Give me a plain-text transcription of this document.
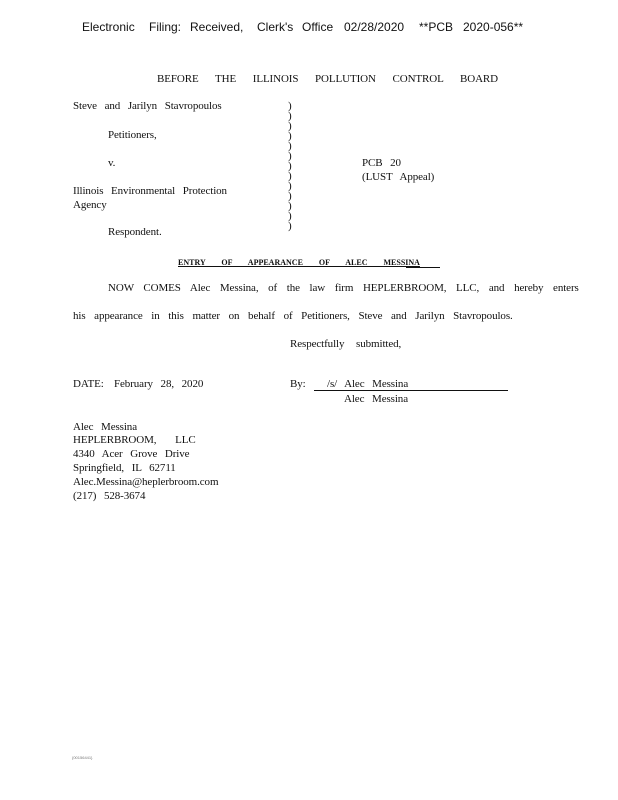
Electronic Filing: Received, Clerk's Office 02/28/2020 **PCB 2020-056**
BEFORE THE ILLINOIS POLLUTION CONTROL BOARD
Steve and Jarilyn Stavropoulos
Petitioners,
v.
Illinois Environmental Protection
Agency
Respondent.
)
)
)
)
)
)
)
)
)
)
)
)
)
PCB 20
(LUST Appeal)
ENTRY OF APPEARANCE OF ALEC MESSINA
NOW COMES Alec Messina, of the law firm HEPLERBROOM, LLC, and hereby enters
his appearance in this matter on behalf of Petitioners, Steve and Jarilyn Stavropoulos.
Respectfully submitted,
DATE: February 28, 2020	By: /s/ Alec Messina
Alec Messina
Alec Messina
HEPLERBROOM, LLC
4340 Acer Grove Drive
Springfield, IL 62711
Alec.Messina@heplerbroom.com
(217) 528-3674
{00156441}
